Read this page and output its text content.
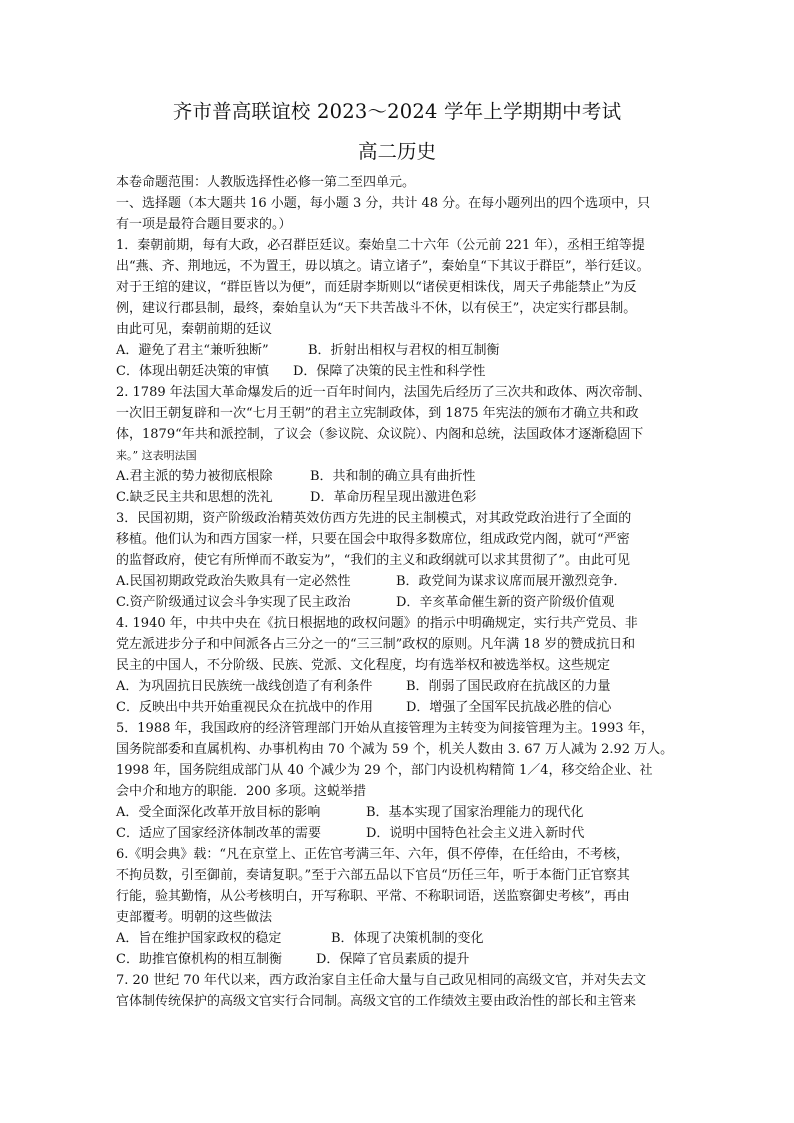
齐市普高联谊校 2023～2024 学年上学期期中考试
高二历史
本卷命题范围：人教版选择性必修一第二至四单元。
一、选择题（本大题共 16 小题，每小题 3 分，共计 48 分。在每小题列出的四个选项中，只
有一项是最符合题目要求的。）
1．秦朝前期，每有大政，必召群臣廷议。秦始皇二十六年（公元前 221 年），丞相王绾等提
出“燕、齐、荆地远，不为置王，毋以填之。请立诸子”，秦始皇“下其议于群臣”，举行廷议。
对于王绾的建议，“群臣皆以为便”，而廷尉李斯则以“诸侯更相诛伐，周天子弗能禁止”为反
例，建议行郡县制，最终，秦始皇认为“天下共苦战斗不休，以有侯王”，决定实行郡县制。
由此可见，秦朝前期的廷议
A．避免了君主“兼听独断”	B．折射出相权与君权的相互制衡
C．体现出朝廷决策的审慎 D．保障了决策的民主性和科学性
2. 1789 年法国大革命爆发后的近一百年时间内，法国先后经历了三次共和政体、两次帝制、
一次旧王朝复辟和一次“七月王朝”的君主立宪制政体，到 1875 年宪法的颁布才确立共和政
体，1879“年共和派控制，了议会（参议院、众议院）、内阁和总统，法国政体才逐渐稳固下
来。” 这表明法国
A.君主派的势力被彻底根除	B．共和制的确立具有曲折性
C.缺乏民主共和思想的洗礼	D．革命历程呈现出激进色彩
3．民国初期，资产阶级政治精英效仿西方先进的民主制模式，对其政党政治进行了全面的
移植。他们认为和西方国家一样，只要在国会中取得多数席位，组成政党内阁，就可“严密
的监督政府，使它有所惮而不敢妄为”，“我们的主义和政纲就可以求其贯彻了”。由此可见
A.民国初期政党政治失败具有一定必然性	B．政党间为谋求议席而展开激烈竞争．
C.资产阶级通过议会斗争实现了民主政治	D．辛亥革命催生新的资产阶级价值观
4. 1940 年，中共中央在《抗日根据地的政权问题》的指示中明确规定，实行共产党员、非
党左派进步分子和中间派各占三分之一的“三三制”政权的原则。凡年满 18 岁的赞成抗日和
民主的中国人，不分阶级、民族、党派、文化程度，均有选举权和被选举权。这些规定
A．为巩固抗日民族统一战线创造了有利条件	B．削弱了国民政府在抗战区的力量
C．反映出中共开始重视民众在抗战中的作用	D．增强了全国军民抗战必胜的信心
5．1988 年，我国政府的经济管理部门开始从直接管理为主转变为间接管理为主。1993 年，
国务院部委和直属机构、办事机构由 70 个减为 59 个，机关人数由 3. 67 万人减为 2.92 万人。
1998 年，国务院组成部门从 40 个减少为 29 个，部门内设机构精简 1／4，移交给企业、社
会中介和地方的职能．200 多项。这蜕举措
A．受全面深化改革开放目标的影响	B．基本实现了国家治理能力的现代化
C．适应了国家经济体制改革的需要	D．说明中国特色社会主义进入新时代
6.《明会典》载：“凡在京堂上、正佐官考满三年、六年，俱不停俸，在任给由，不考核，
不拘员数，引至御前，奏请复职。”至于六部五品以下官员“历任三年，听于本衙门正官察其
行能，验其勤惰，从公考核明白，开写称职、平常、不称职词语，送监察御史考核”，再由
吏部覆考。明朝的这些做法
A．旨在维护国家政权的稳定	B．体现了决策机制的变化
C．助推官僚机构的相互制衡	D．保障了官员素质的提升
7. 20 世纪 70 年代以来，西方政治家自主任命大量与自己政见相同的高级文官，并对失去文
官体制传统保护的高级文官实行合同制。高级文官的工作绩效主要由政治性的部长和主管来
